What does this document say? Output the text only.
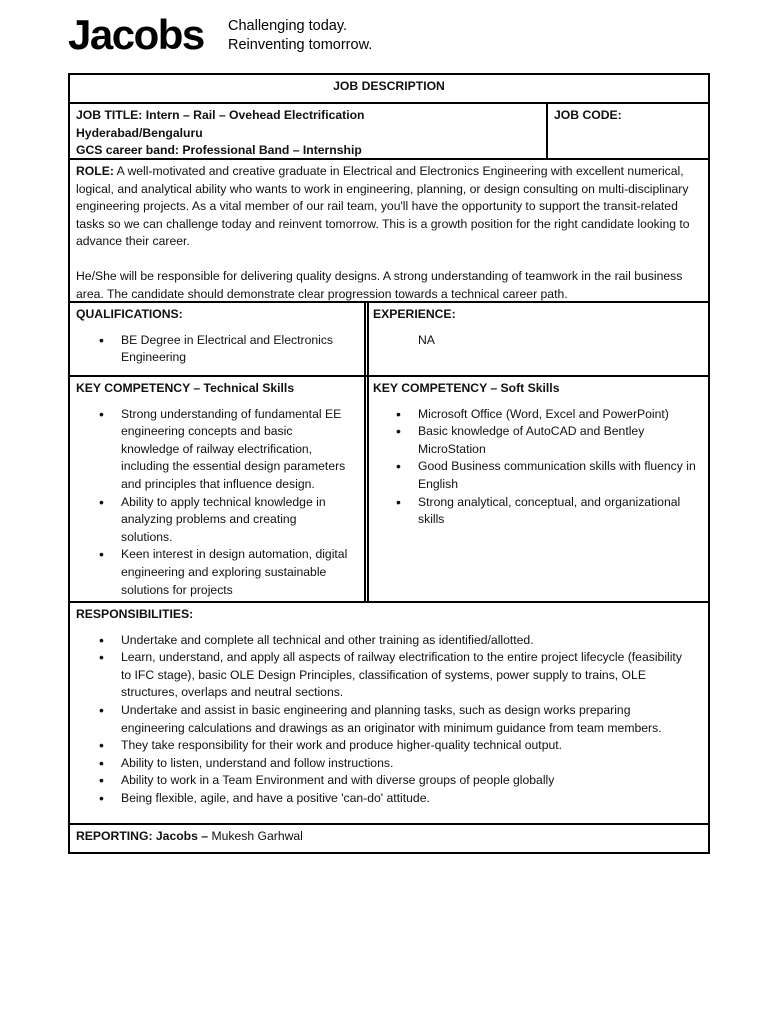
Jacobs Challenging today.
Reinventing tomorrow.
JOB DESCRIPTION
JOB TITLE: Intern – Rail – Ovehead Electrification
Hyderabad/Bengaluru
GCS career band: Professional Band – Internship
JOB CODE:

ROLE: A well-motivated and creative graduate in Electrical and Electronics Engineering with excellent numerical, logical, and analytical ability who wants to work in engineering, planning, or design consulting on multi-disciplinary engineering projects. As a vital member of our rail team, you'll have the opportunity to support the transit-related tasks so we can challenge today and reinvent tomorrow. This is a growth position for the right candidate looking to advance their career.

He/She will be responsible for delivering quality designs. A strong understanding of teamwork in the rail business area. The candidate should demonstrate clear progression towards a technical career path.

QUALIFICATIONS:
• BE Degree in Electrical and Electronics Engineering
EXPERIENCE:
NA
KEY COMPETENCY – Technical Skills
• Strong understanding of fundamental EE engineering concepts and basic knowledge of railway electrification, including the essential design parameters and principles that influence design.
• Ability to apply technical knowledge in analyzing problems and creating solutions.
• Keen interest in design automation, digital engineering and exploring sustainable solutions for projects
KEY COMPETENCY – Soft Skills
• Microsoft Office (Word, Excel and PowerPoint)
• Basic knowledge of AutoCAD and Bentley MicroStation
• Good Business communication skills with fluency in English
• Strong analytical, conceptual, and organizational skills
RESPONSIBILITIES:
• Undertake and complete all technical and other training as identified/allotted.
• Learn, understand, and apply all aspects of railway electrification to the entire project lifecycle (feasibility to IFC stage), basic OLE Design Principles, classification of systems, power supply to trains, OLE structures, overlaps and neutral sections.
• Undertake and assist in basic engineering and planning tasks, such as design works preparing engineering calculations and drawings as an originator with minimum guidance from team members.
• They take responsibility for their work and produce higher-quality technical output.
• Ability to listen, understand and follow instructions.
• Ability to work in a Team Environment and with diverse groups of people globally
• Being flexible, agile, and have a positive 'can-do' attitude.
REPORTING: Jacobs – Mukesh Garhwal
